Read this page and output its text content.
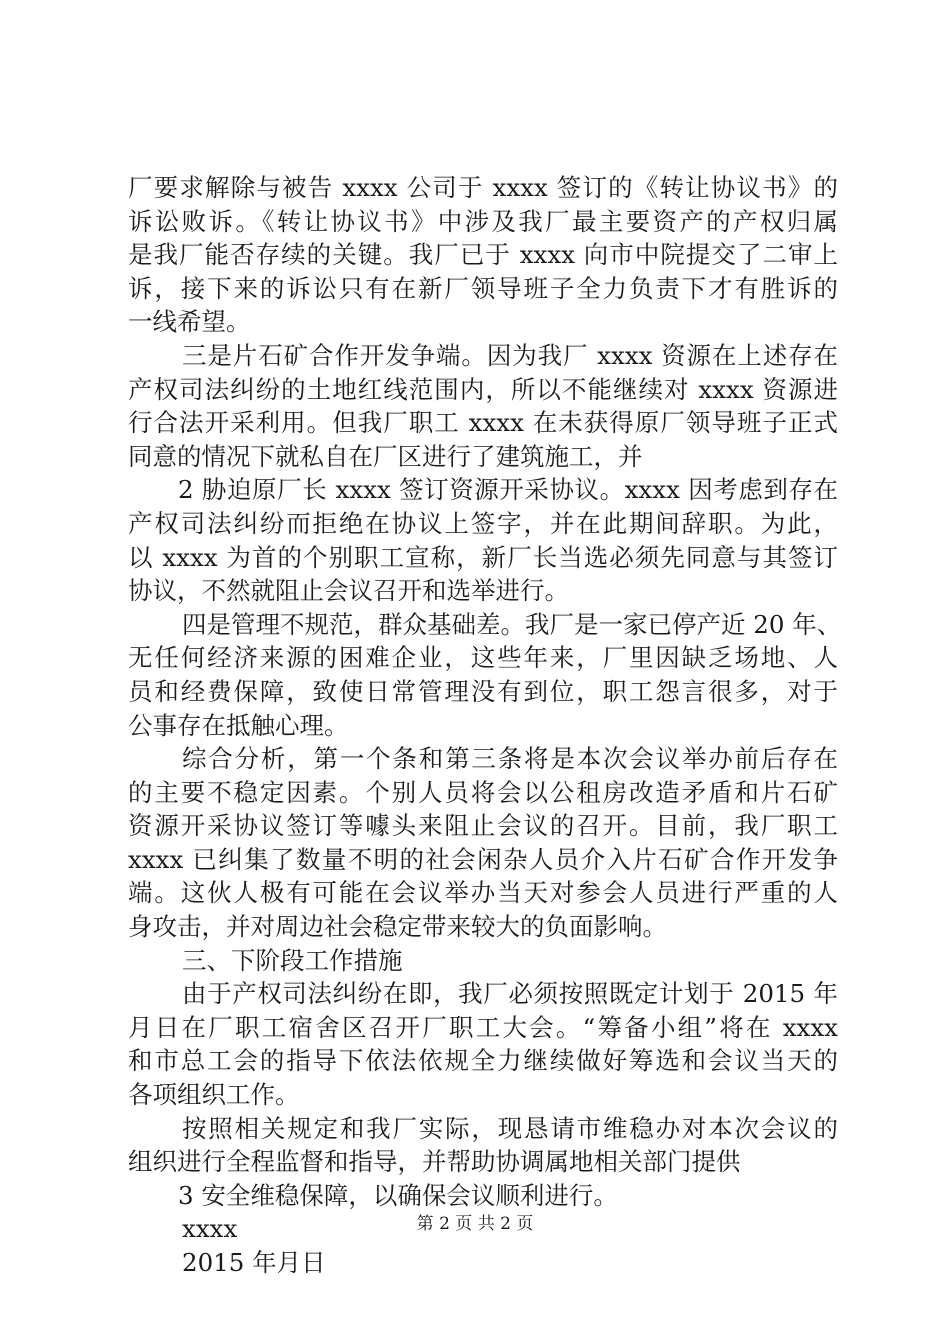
厂要求解除与被告 xxxx 公司于 xxxx 签订的《转让协议书》的
诉讼败诉。《转让协议书》中涉及我厂最主要资产的产权归属
是我厂能否存续的关键。我厂已于 xxxx 向市中院提交了二审上
诉，接下来的诉讼只有在新厂领导班子全力负责下才有胜诉的
一线希望。
三是片石矿合作开发争端。因为我厂 xxxx 资源在上述存在
产权司法纠纷的土地红线范围内，所以不能继续对 xxxx 资源进
行合法开采利用。但我厂职工 xxxx 在未获得原厂领导班子正式
同意的情况下就私自在厂区进行了建筑施工，并
2 胁迫原厂长 xxxx 签订资源开采协议。xxxx 因考虑到存在
产权司法纠纷而拒绝在协议上签字，并在此期间辞职。为此，
以 xxxx 为首的个别职工宣称，新厂长当选必须先同意与其签订
协议，不然就阻止会议召开和选举进行。
四是管理不规范，群众基础差。我厂是一家已停产近 20 年、
无任何经济来源的困难企业，这些年来，厂里因缺乏场地、人
员和经费保障，致使日常管理没有到位，职工怨言很多，对于
公事存在抵触心理。
综合分析，第一个条和第三条将是本次会议举办前后存在
的主要不稳定因素。个别人员将会以公租房改造矛盾和片石矿
资源开采协议签订等噱头来阻止会议的召开。目前，我厂职工
xxxx 已纠集了数量不明的社会闲杂人员介入片石矿合作开发争
端。这伙人极有可能在会议举办当天对参会人员进行严重的人
身攻击，并对周边社会稳定带来较大的负面影响。
三、下阶段工作措施
由于产权司法纠纷在即，我厂必须按照既定计划于 2015 年
月日在厂职工宿舍区召开厂职工大会。“筹备小组”将在 xxxx
和市总工会的指导下依法依规全力继续做好筹选和会议当天的
各项组织工作。
按照相关规定和我厂实际，现恳请市维稳办对本次会议的
组织进行全程监督和指导，并帮助协调属地相关部门提供
3 安全维稳保障，以确保会议顺利进行。
xxxx
2015 年月日
第 2 页 共 2 页
